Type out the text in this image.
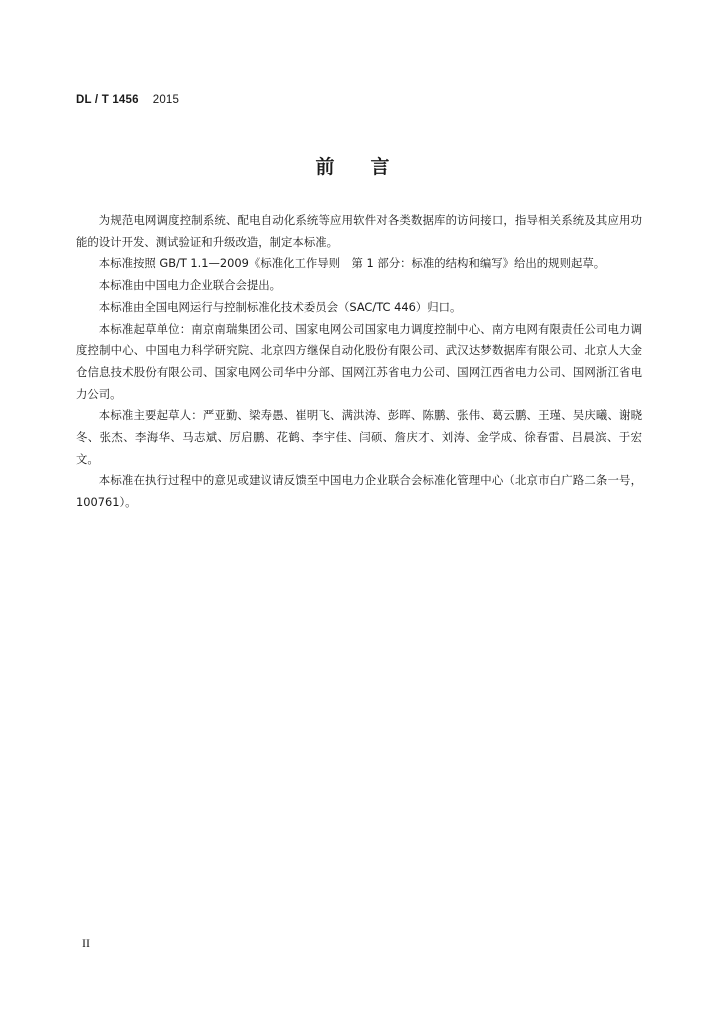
DL / T 1456 2015
前言

为规范电网调度控制系统、配电自动化系统等应用软件对各类数据库的访问接口，指导相关系统及其应用功能的设计开发、测试验证和升级改造，制定本标准。

本标准按照 GB/T 1.1—2009《标准化工作导则　第 1 部分：标准的结构和编写》给出的规则起草。

本标准由中国电力企业联合会提出。

本标准由全国电网运行与控制标准化技术委员会（SAC/TC 446）归口。

本标准起草单位：南京南瑞集团公司、国家电网公司国家电力调度控制中心、南方电网有限责任公司电力调度控制中心、中国电力科学研究院、北京四方继保自动化股份有限公司、武汉达梦数据库有限公司、北京人大金仓信息技术股份有限公司、国家电网公司华中分部、国网江苏省电力公司、国网江西省电力公司、国网浙江省电力公司。

本标准主要起草人：严亚勤、梁寿愚、崔明飞、满洪涛、彭晖、陈鹏、张伟、葛云鹏、王瑾、吴庆曦、谢晓冬、张杰、李海华、马志斌、厉启鹏、花鹤、李宇佳、闫硕、詹庆才、刘涛、金学成、徐春雷、吕晨滨、于宏文。

本标准在执行过程中的意见或建议请反馈至中国电力企业联合会标准化管理中心（北京市白广路二条一号，100761）。

II
